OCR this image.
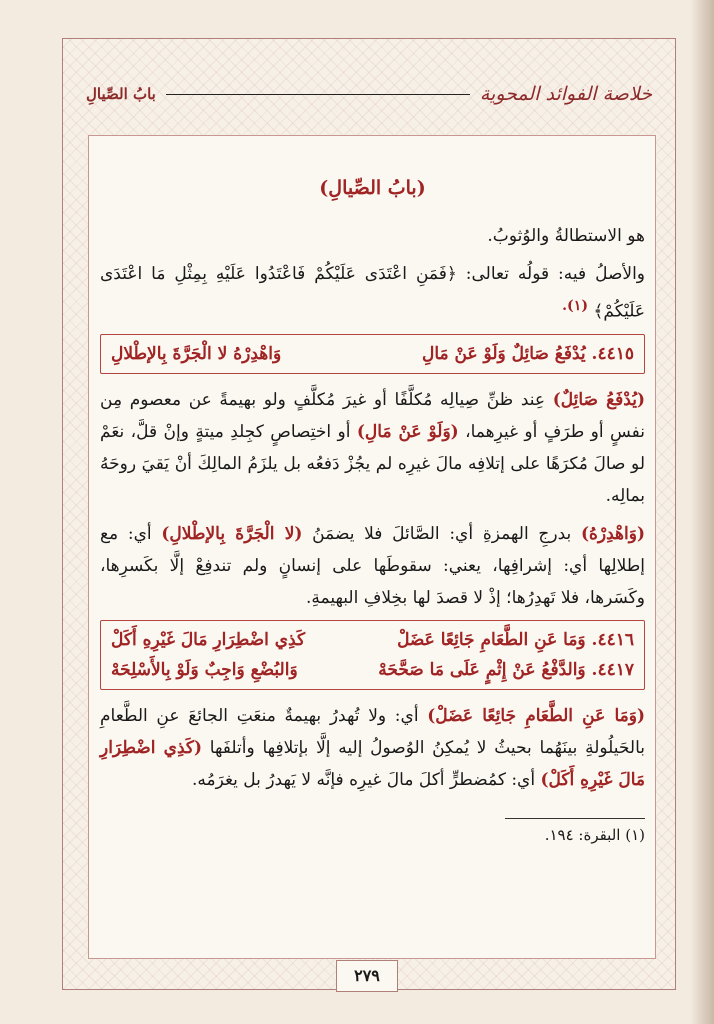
خلاصة الفوائد المحوية
بابُ الصِّيالِ
(بابُ الصِّيالِ)

هو الاستطالةُ والوُثوبُ.

والأصلُ فيه: قولُه تعالى: ﴿فَمَنِ اعْتَدَى عَلَيْكُمْ فَاعْتَدُوا عَلَيْهِ بِمِثْلِ مَا اعْتَدَى عَلَيْكُمْ﴾ $^{(١).}$

٤٤١٥. يُدْفَعُ صَائِلٌ وَلَوْ عَنْ مَالِ
وَاهْدِرْهُ لا الْجَرَّةَ بِالإطْلالِ

(يُدْفَعُ صَائِلٌ) عِند ظنِّ صِيالِه مُكلَّفًا أو غيرَ مُكلَّفٍ ولو بهيمةً عن معصوم مِن نفسٍ أو طرَفٍ أو غيرِهما، (وَلَوْ عَنْ مَالِ) أو اختِصاصٍ كجِلدِ ميتةٍ وإنْ قلَّ، نعَمْ لو صالَ مُكرَهًا على إتلافِه مالَ غيرِه لم يجُزْ دَفعُه بل يلزَمُ المالِكَ أنْ يَقيَ روحَهُ بمالِه.

(وَاهْدِرْهُ) بدرجِ الهمزةِ أي: الصَّائلَ فلا يضمَنُ (لا الْجَرَّةَ بِالإطْلالِ) أي: مع إطلالِها أي: إشرافِها، يعني: سقوطَها على إنسانٍ ولم تندفِعْ إلَّا بكَسرِها، وكَسَرها، فلا تَهدِرُها؛ إذْ لا قصدَ لها بخِلافِ البهيمةِ.

٤٤١٦. وَمَا عَنِ الطَّعَامِ جَائِعًا عَضَلْ
كَذِي اضْطِرَارِ مَالَ غَيْرِهِ أَكَلْ
٤٤١٧. وَالدَّفْعُ عَنْ إِثْمٍ عَلَى مَا صَحَّحَهْ
وَالبُضْعِ وَاجِبٌ وَلَوْ بِالأَسْلِحَهْ

(وَمَا عَنِ الطَّعَامِ جَائِعًا عَضَلْ) أي: ولا تُهدرُ بهيمةٌ منعَتِ الجائعَ عنِ الطَّعامِ بالحَيلُولةِ بينَهُما بحيثُ لا يُمكِنُ الوُصولُ إليه إلَّا بإتلافِها وأتلفَها (كَذِي اضْطِرَارِ مَالَ غَيْرِهِ أَكَلْ) أي: كمُضطرٍّ أكلَ مالَ غيرِه فإنَّه لا يَهدرُ بل يغرَمُه.

(١) البقرة: ١٩٤.
٢٧٩
